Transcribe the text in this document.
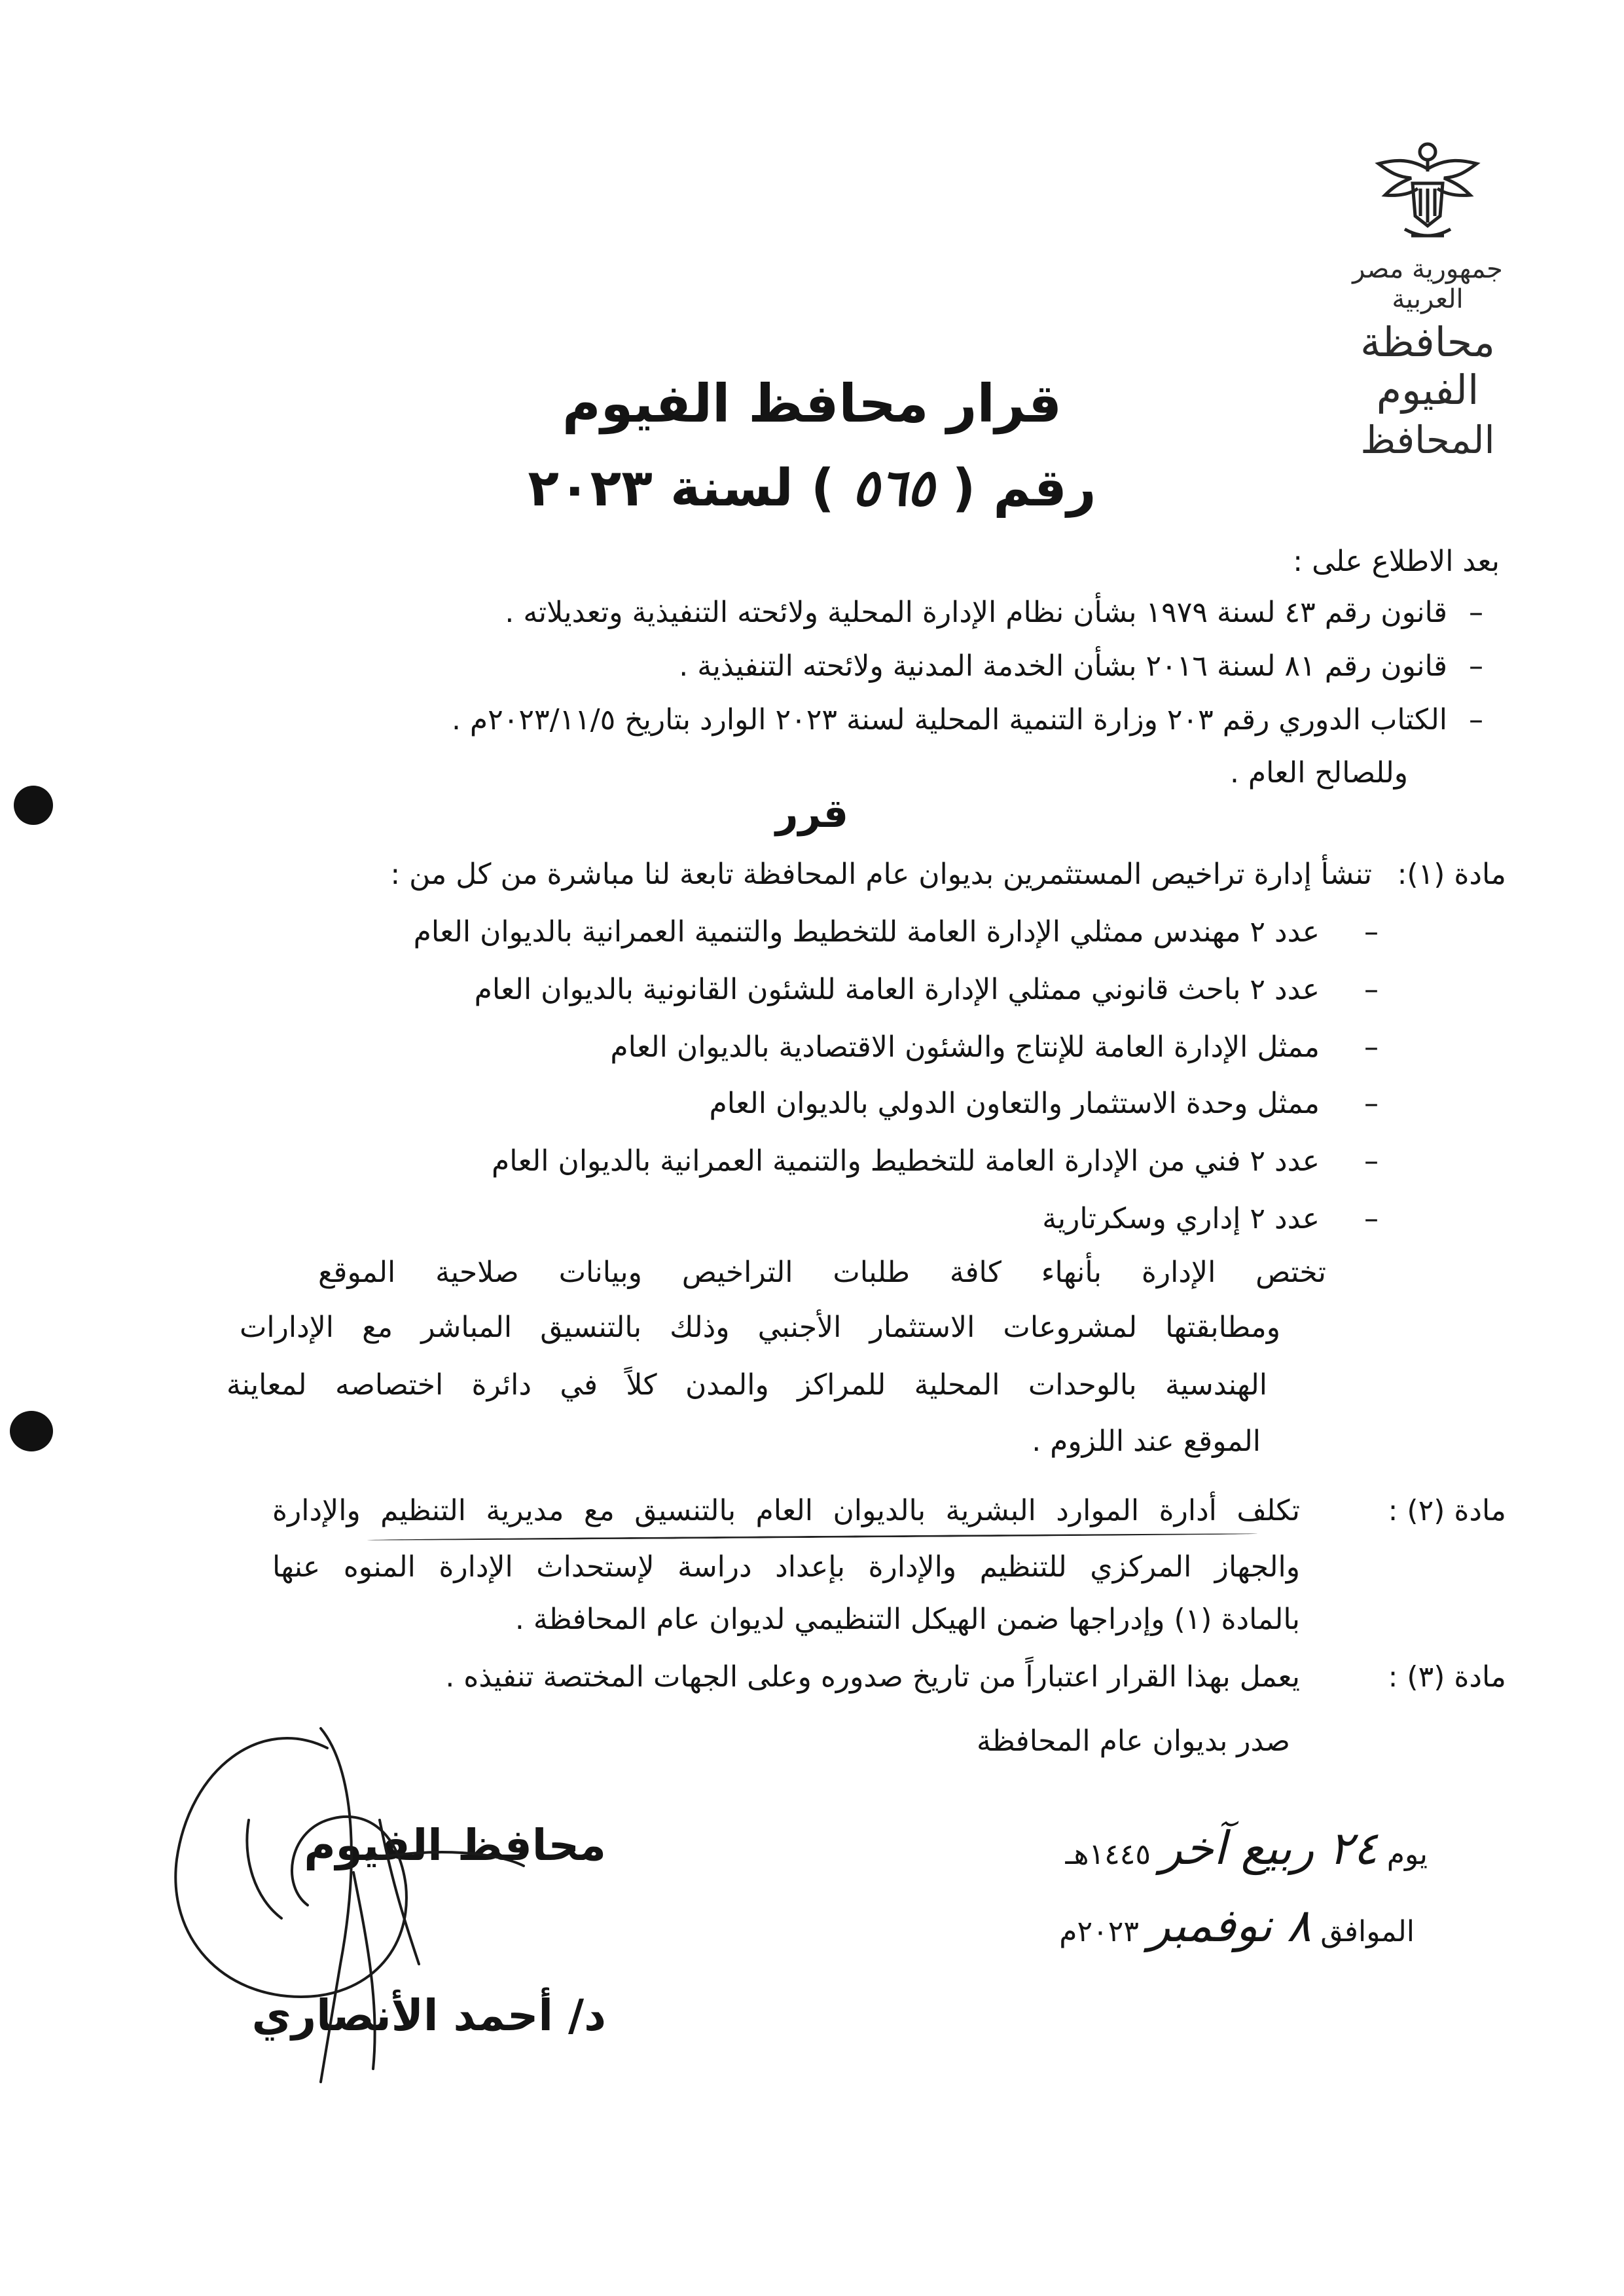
جمهورية مصر العربية
محافظة الفيوم
المحافظ
قرار محافظ الفيوم
رقم ( ٥٦٥ ) لسنة ٢٠٢٣
بعد الاطلاع على :
–
قانون رقم ٤٣ لسنة ١٩٧٩ بشأن نظام الإدارة المحلية ولائحته التنفيذية وتعديلاته .
–
قانون رقم ٨١ لسنة ٢٠١٦ بشأن الخدمة المدنية ولائحته التنفيذية .
–
الكتاب الدوري رقم ٢٠٣ وزارة التنمية المحلية لسنة ٢٠٢٣ الوارد بتاريخ ٢٠٢٣/١١/٥م .
وللصالح العام .
قرر
مادة (١):
تنشأ إدارة تراخيص المستثمرين بديوان عام المحافظة تابعة لنا مباشرة من كل من :
–
عدد ٢ مهندس ممثلي الإدارة العامة للتخطيط والتنمية العمرانية بالديوان العام
–
عدد ٢ باحث قانوني ممثلي الإدارة العامة للشئون القانونية بالديوان العام
–
ممثل الإدارة العامة للإنتاج والشئون الاقتصادية بالديوان العام
–
ممثل وحدة الاستثمار والتعاون الدولي بالديوان العام
–
عدد ٢ فني من الإدارة العامة للتخطيط والتنمية العمرانية بالديوان العام
–
عدد ٢ إداري وسكرتارية
تختص الإدارة بأنهاء كافة طلبات التراخيص وبيانات صلاحية الموقع
ومطابقتها لمشروعات الاستثمار الأجنبي وذلك بالتنسيق المباشر مع الإدارات
الهندسية بالوحدات المحلية للمراكز والمدن كلاً في دائرة اختصاصه لمعاينة
الموقع عند اللزوم .
مادة (٢) :
تكلف أدارة الموارد البشرية بالديوان العام بالتنسيق مع مديرية التنظيم والإدارة
والجهاز المركزي للتنظيم والإدارة بإعداد دراسة لإستحداث الإدارة المنوه عنها
بالمادة (١) وإدراجها ضمن الهيكل التنظيمي لديوان عام المحافظة .
مادة (٣) :
يعمل بهذا القرار اعتباراً من تاريخ صدوره وعلى الجهات المختصة تنفيذه .
صدر بديوان عام المحافظة
يوم ٢٤ ربيع آخر ١٤٤٥هـ
الموافق ٨ نوفمبر ٢٠٢٣م
محافظ الفيوم
د/ أحمد الأنصاري
